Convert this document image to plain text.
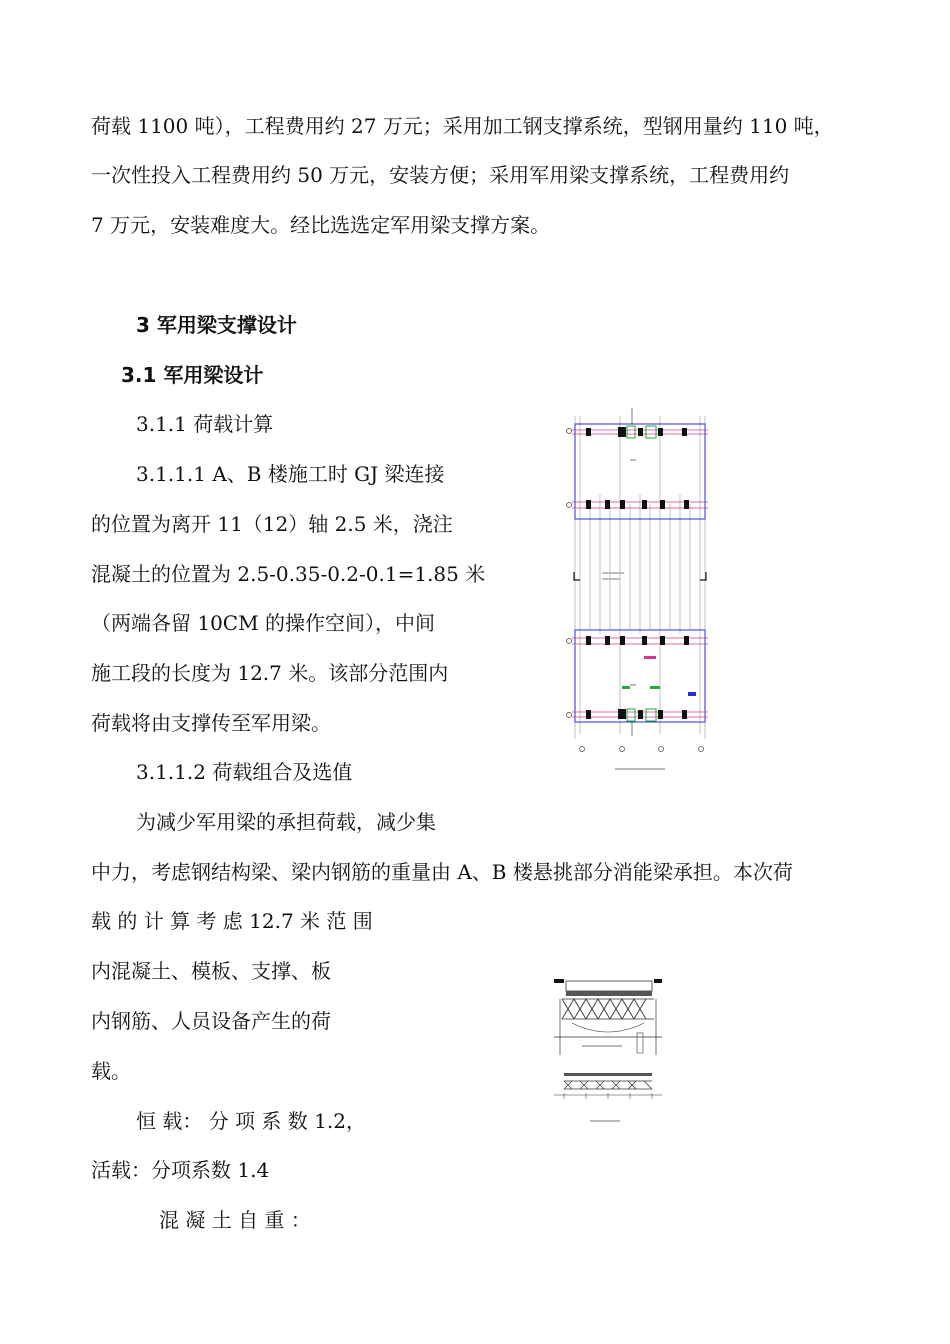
荷载 1100 吨），工程费用约 27 万元；采用加工钢支撑系统，型钢用量约 110 吨，
一次性投入工程费用约 50 万元，安装方便；采用军用梁支撑系统，工程费用约
7 万元，安装难度大。经比选选定军用梁支撑方案。
3 军用梁支撑设计
3.1 军用梁设计
3.1.1 荷载计算
3.1.1.1 A、B 楼施工时 GJ 梁连接
的位置为离开 11（12）轴 2.5 米，浇注
混凝土的位置为 2.5-0.35-0.2-0.1=1.85 米
（两端各留 10CM 的操作空间），中间
施工段的长度为 12.7 米。该部分范围内
荷载将由支撑传至军用梁。
3.1.1.2 荷载组合及选值
为减少军用梁的承担荷载，减少集
中力，考虑钢结构梁、梁内钢筋的重量由 A、B 楼悬挑部分消能梁承担。本次荷
载 的 计 算 考 虑 12.7 米 范 围
内混凝土、模板、支撑、板
内钢筋、人员设备产生的荷
载。
恒 载： 分 项 系 数 1.2，
活载：分项系数 1.4
混 凝 土 自 重 ：
